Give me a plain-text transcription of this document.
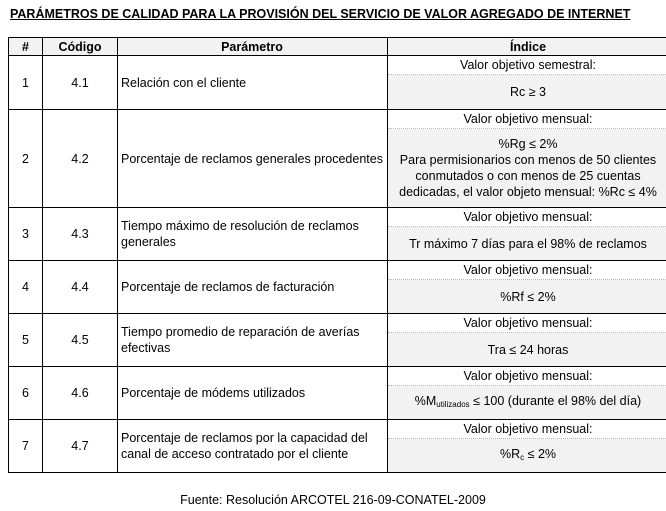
PARÁMETROS DE CALIDAD PARA LA PROVISIÓN DEL SERVICIO DE VALOR AGREGADO DE INTERNET
#	Código	Parámetro	Índice
1	4.1	Relación con el cliente	Valor objetivo semestral:
Rc ≥ 3

2	4.2	Porcentaje de reclamos generales procedentes	Valor objetivo mensual:
%Rg ≤ 2%
Para permisionarios con menos de 50 clientes conmutados o con menos de 25 cuentas dedicadas, el valor objeto mensual: %Rc ≤ 4%

3	4.3	Tiempo máximo de resolución de reclamos generales	Valor objetivo mensual:
Tr máximo 7 días para el 98% de reclamos

4	4.4	Porcentaje de reclamos de facturación	Valor objetivo mensual:
%Rf ≤ 2%

5	4.5	Tiempo promedio de reparación de averías efectivas	Valor objetivo mensual:
Tra ≤ 24 horas

6	4.6	Porcentaje de módems utilizados	Valor objetivo mensual:
$\%M_{utilizados} \le 100$ (durante el 98% del día)

7	4.7	Porcentaje de reclamos por la capacidad del canal de acceso contratado por el cliente	Valor objetivo mensual:
$\%R_c \le 2\%$
Fuente: Resolución ARCOTEL 216-09-CONATEL-2009
